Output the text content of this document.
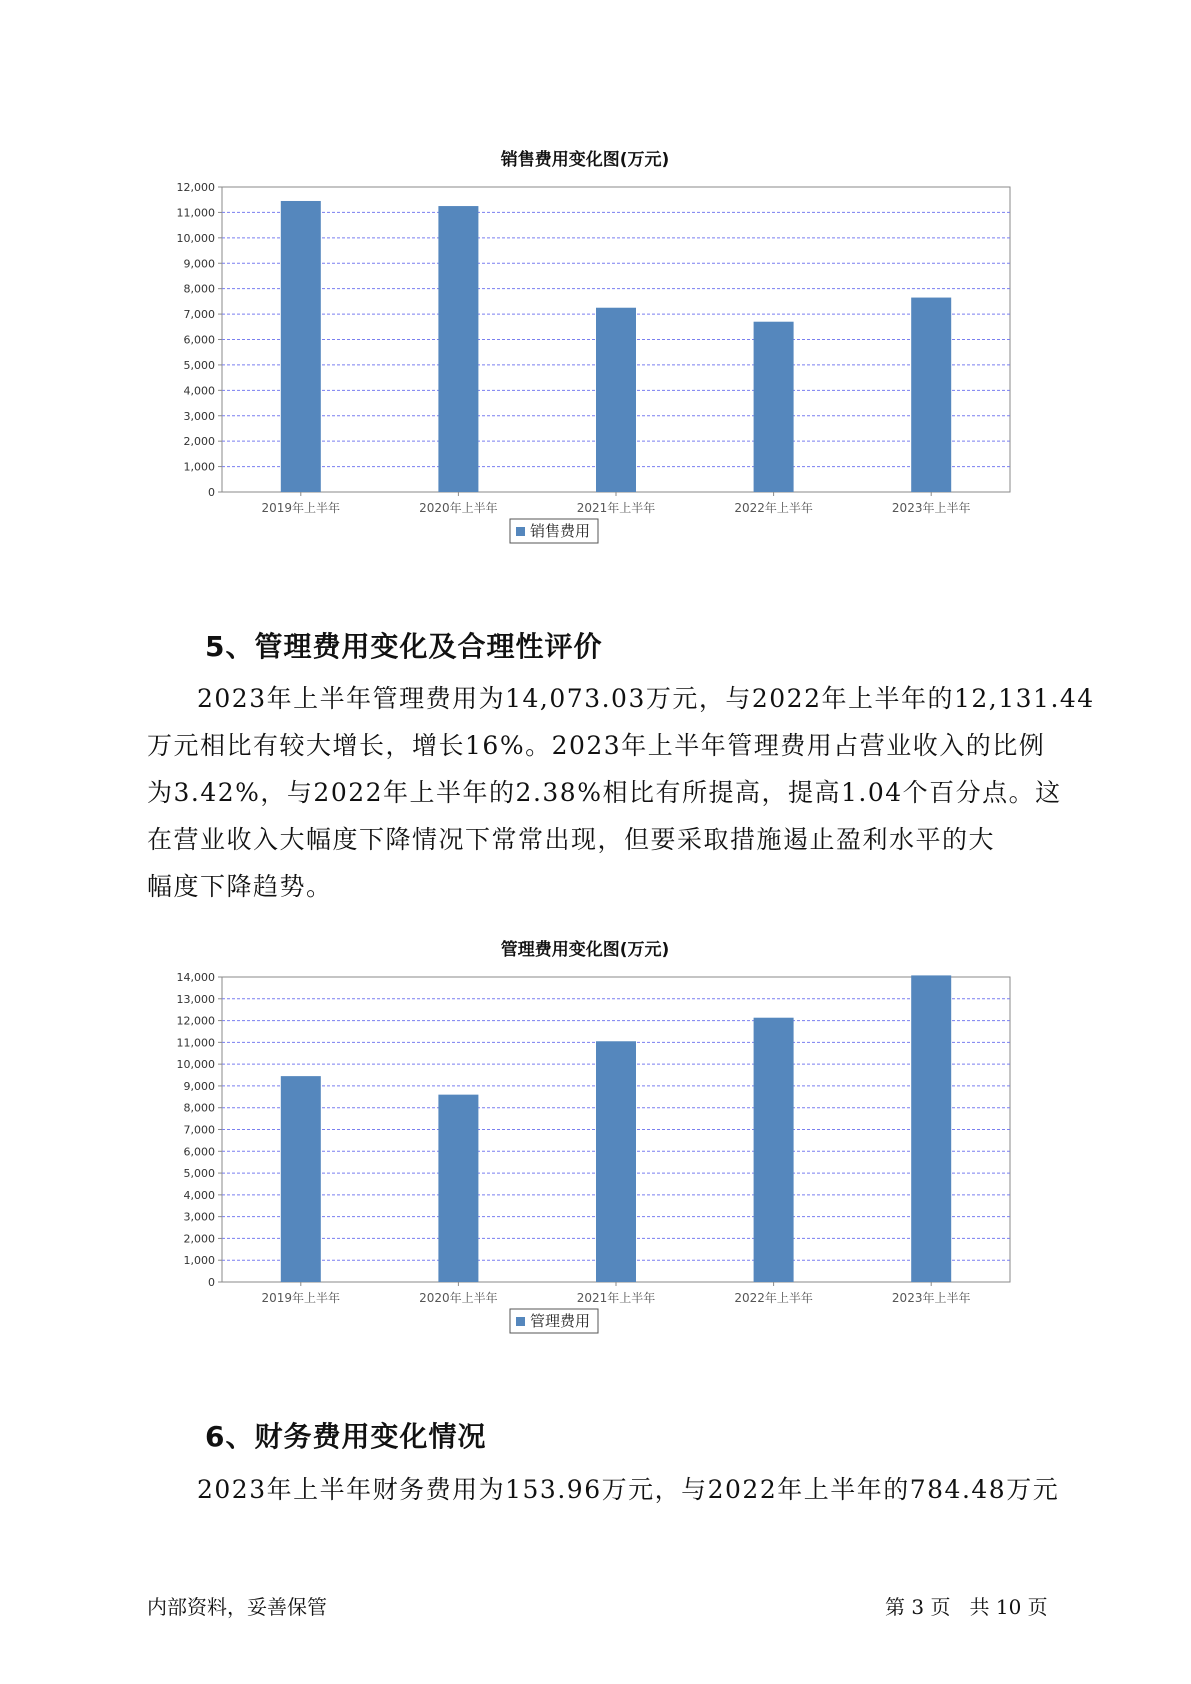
销售费用变化图(万元)
0
1,000
2,000
3,000
4,000
5,000
6,000
7,000
8,000
9,000
10,000
11,000
12,000
2019年上半年	2020年上半年	2021年上半年	2022年上半年	2023年上半年
销售费用
5、管理费用变化及合理性评价
2023年上半年管理费用为14,073.03万元，与2022年上半年的12,131.44
万元相比有较大增长，增长16%。2023年上半年管理费用占营业收入的比例
为3.42%，与2022年上半年的2.38%相比有所提高，提高1.04个百分点。这
在营业收入大幅度下降情况下常常出现，但要采取措施遏止盈利水平的大
幅度下降趋势。
管理费用变化图(万元)
0
1,000
2,000
3,000
4,000
5,000
6,000
7,000
8,000
9,000
10,000
11,000
12,000
13,000
14,000
2019年上半年	2020年上半年	2021年上半年	2022年上半年	2023年上半年
管理费用
6、财务费用变化情况
2023年上半年财务费用为153.96万元，与2022年上半年的784.48万元
内部资料，妥善保管	第 3 页   共 10 页
